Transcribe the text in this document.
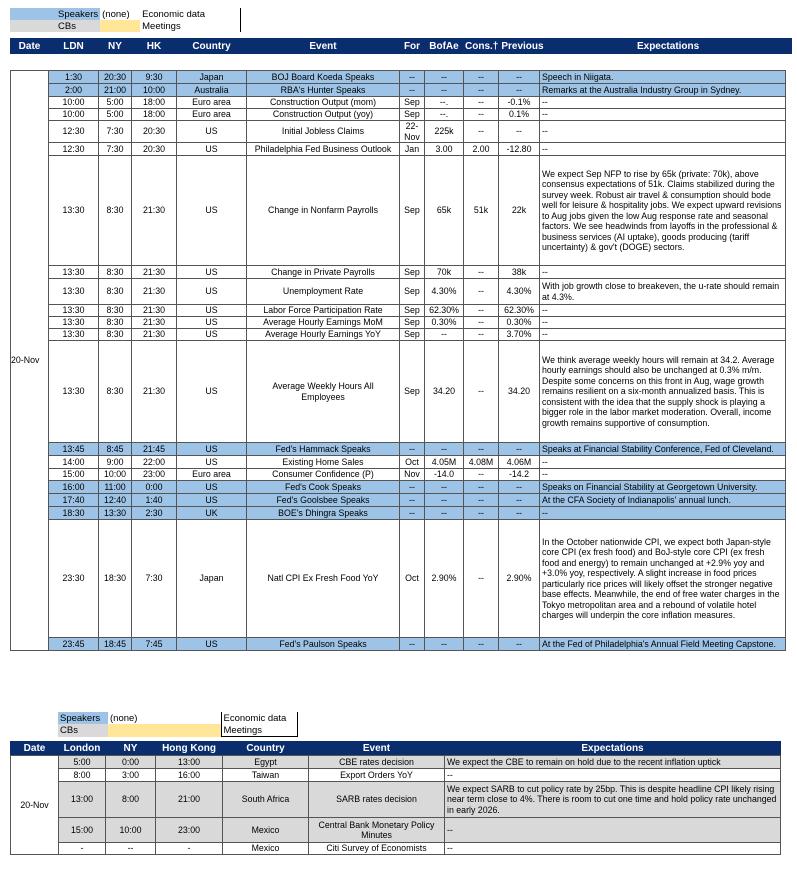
	Speakers	(none)	Economic data
	CBs		Meetings
Date	LDN	NY	HK	Country	Event	For	BofAe	Cons.†	Previous	Expectations
20-Nov	1:30	20:30	9:30	Japan	BOJ Board Koeda Speaks	--	--	--	--	Speech in Niigata.
	2:00	21:00	10:00	Australia	RBA's Hunter Speaks	--	--	--	--	Remarks at the Australia Industry Group in Sydney.
	10:00	5:00	18:00	Euro area	Construction Output (mom)	Sep	--.	--	-0.1%	--
	10:00	5:00	18:00	Euro area	Construction Output (yoy)	Sep	--.	--	0.1%	--
	12:30	7:30	20:30	US	Initial Jobless Claims	22-Nov	225k	--	--	--
	12:30	7:30	20:30	US	Philadelphia Fed Business Outlook	Jan	3.00	2.00	-12.80	--
	13:30	8:30	21:30	US	Change in Nonfarm Payrolls	Sep	65k	51k	22k	We expect Sep NFP to rise by 65k (private: 70k), above consensus expectations of 51k. Claims stabilized during the survey week. Robust air travel & consumption should bode well for leisure & hospitality jobs. We expect upward revisions to Aug jobs given the low Aug response rate and seasonal factors. We see headwinds from layoffs in the professional & business services (AI uptake), goods producing (tariff uncertainty) & gov't (DOGE) sectors.
	13:30	8:30	21:30	US	Change in Private Payrolls	Sep	70k	--	38k	--
	13:30	8:30	21:30	US	Unemployment Rate	Sep	4.30%	--	4.30%	With job growth close to breakeven, the u-rate should remain at 4.3%.
	13:30	8:30	21:30	US	Labor Force Participation Rate	Sep	62.30%	--	62.30%	--
	13:30	8:30	21:30	US	Average Hourly Earnings MoM	Sep	0.30%	--	0.30%	--
	13:30	8:30	21:30	US	Average Hourly Earnings YoY	Sep	--	--	3.70%	--
	13:30	8:30	21:30	US	Average Weekly Hours All Employees	Sep	34.20	--	34.20	We think average weekly hours will remain at 34.2. Average hourly earnings should also be unchanged at 0.3% m/m. Despite some concerns on this front in Aug, wage growth remains resilient on a six-month annualized basis. This is consistent with the idea that the supply shock is playing a bigger role in the labor market moderation. Overall, income growth remains supportive of consumption.
	13:45	8:45	21:45	US	Fed's Hammack Speaks	--	--	--	--	Speaks at Financial Stability Conference, Fed of Cleveland.
	14:00	9:00	22:00	US	Existing Home Sales	Oct	4.05M	4.08M	4.06M	--
	15:00	10:00	23:00	Euro area	Consumer Confidence (P)	Nov	-14.0	--	-14.2	--
	16:00	11:00	0:00	US	Fed's Cook Speaks	--	--	--	--	Speaks on Financial Stability at Georgetown University.
	17:40	12:40	1:40	US	Fed's Goolsbee Speaks	--	--	--	--	At the CFA Society of Indianapolis' annual lunch.
	18:30	13:30	2:30	UK	BOE's Dhingra Speaks	--	--	--	--	--
	23:30	18:30	7:30	Japan	Natl CPI Ex Fresh Food YoY	Oct	2.90%	--	2.90%	In the October nationwide CPI, we expect both Japan-style core CPI (ex fresh food) and BoJ-style core CPI (ex fresh food and energy) to remain unchanged at +2.9% yoy and +3.0% yoy, respectively. A slight increase in food prices particularly rice prices will likely offset the stronger negative base effects. Meanwhile, the end of free water charges in the Tokyo metropolitan area and a rebound of volatile hotel charges will underpin the core inflation measures.
	23:45	18:45	7:45	US	Fed's Paulson Speaks	--	--	--	--	At the Fed of Philadelphia's Annual Field Meeting Capstone.
Speakers	(none)	Economic data
CBs		Meetings
Date	London	NY	Hong Kong	Country	Event	Expectations
20-Nov	5:00	0:00	13:00	Egypt	CBE rates decision	We expect the CBE to remain on hold due to the recent inflation uptick
	8:00	3:00	16:00	Taiwan	Export Orders YoY	--
	13:00	8:00	21:00	South Africa	SARB rates decision	We expect SARB to cut policy rate by 25bp. This is despite headline CPI likely rising near term close to 4%. There is room to cut one time and hold policy rate unchanged in early 2026.
	15:00	10:00	23:00	Mexico	Central Bank Monetary Policy Minutes	--
	-	--	-	Mexico	Citi Survey of Economists	--
